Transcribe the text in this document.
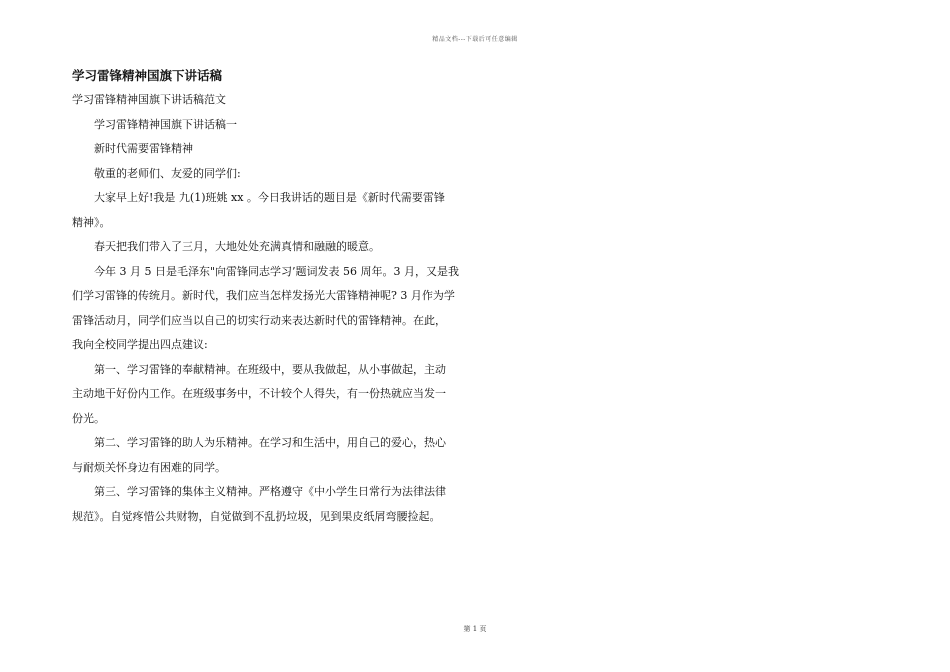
精品文档---下载后可任意编辑
学习雷锋精神国旗下讲话稿

学习雷锋精神国旗下讲话稿范文

学习雷锋精神国旗下讲话稿一

新时代需要雷锋精神

敬重的老师们、友爱的同学们:

大家早上好!我是 九(1)班姚 xx 。今日我讲话的题目是《新时代需要雷锋
精神》。

春天把我们带入了三月，大地处处充满真情和融融的暖意。

今年 3 月 5 日是毛泽东"向雷锋同志学习’题词发表 56 周年。3 月，又是我
们学习雷锋的传统月。新时代，我们应当怎样发扬光大雷锋精神呢? 3 月作为学
雷锋活动月，同学们应当以自己的切实行动来表达新时代的雷锋精神。在此，
我向全校同学提出四点建议:

第一、学习雷锋的奉献精神。在班级中，要从我做起，从小事做起，主动
主动地干好份内工作。在班级事务中，不计较个人得失，有一份热就应当发一
份光。

第二、学习雷锋的助人为乐精神。在学习和生活中，用自己的爱心，热心
与耐烦关怀身边有困难的同学。

第三、学习雷锋的集体主义精神。严格遵守《中小学生日常行为法律法律
规范》。自觉疼惜公共财物，自觉做到不乱扔垃圾，见到果皮纸屑弯腰捡起。

第 1 页
